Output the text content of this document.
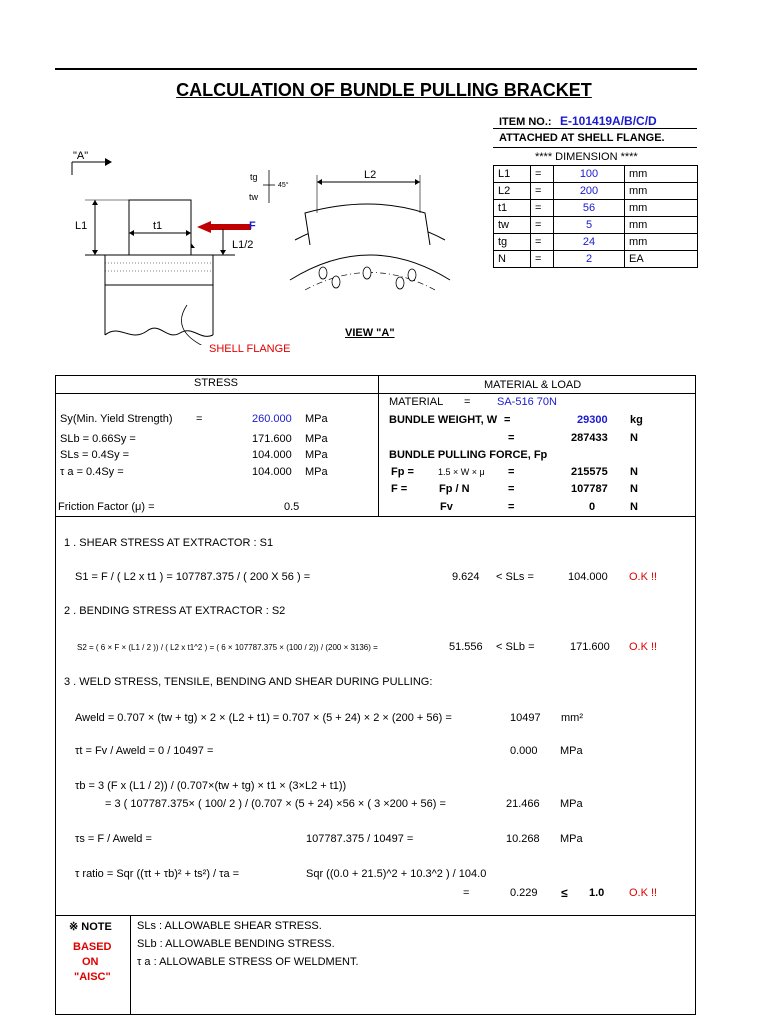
CALCULATION OF BUNDLE PULLING BRACKET
ITEM NO.: E-101419A/B/C/D
ATTACHED AT SHELL FLANGE.
**** DIMENSION ****
L1	=	100	mm
L2	=	200	mm
t1	=	56	mm
tw	=	5	mm
tg	=	24	mm
N	=	2	EA
"A"
L1	t1
tg
tw
45°
F
L1/2
L2
VIEW "A"
SHELL FLANGE
STRESS	MATERIAL & LOAD
Sy(Min. Yield Strength) =	260.000 MPa
SLb = 0.66Sy =	171.600 MPa
SLs = 0.4Sy =	104.000 MPa
τ a = 0.4Sy =	104.000 MPa
Friction Factor (μ) =	0.5
MATERIAL = SA-516 70N
BUNDLE WEIGHT, W =	29300 kg
=	287433 N
BUNDLE PULLING FORCE, Fp
Fp =	1.5 × W × μ =	215575 N
F =	Fp / N	=	107787 N
Fv	=	0	N
1 . SHEAR STRESS AT EXTRACTOR : S1
S1 = F / ( L2 x t1 ) = 107787.375 / ( 200 X 56 ) =	9.624 < SLs =	104.000 O.K !!
2 . BENDING STRESS AT EXTRACTOR : S2
S2 = ( 6 × F × (L1 / 2 )) / ( L2 x t1^2 ) = ( 6 × 107787.375 × (100 / 2)) / (200 × 3136) =	51.556 < SLb =	171.600 O.K !!
3 . WELD STRESS, TENSILE, BENDING AND SHEAR DURING PULLING:
Aweld = 0.707 × (tw + tg) × 2 × (L2 + t1) = 0.707 × (5 + 24) × 2 × (200 + 56) =	10497 mm²
τt = Fv / Aweld = 0 / 10497 =	0.000 MPa
τb = 3 (F x (L1 / 2)) / (0.707×(tw + tg) × t1 × (3×L2 + t1))
= 3 ( 107787.375× ( 100/ 2 ) / (0.707 × (5 + 24) ×56 × ( 3 ×200 + 56) =	21.466 MPa
τs = F / Aweld =	107787.375 / 10497 =	10.268 MPa
τ ratio = Sqr ((τt + τb)² + ts²) / τa =	Sqr ((0.0 + 21.5)^2 + 10.3^2 ) / 104.0
=	0.229 ≤ 1.0 O.K !!
※ NOTE
BASED
ON
"AISC"
SLs : ALLOWABLE SHEAR STRESS.
SLb : ALLOWABLE BENDING STRESS.
τ a : ALLOWABLE STRESS OF WELDMENT.
